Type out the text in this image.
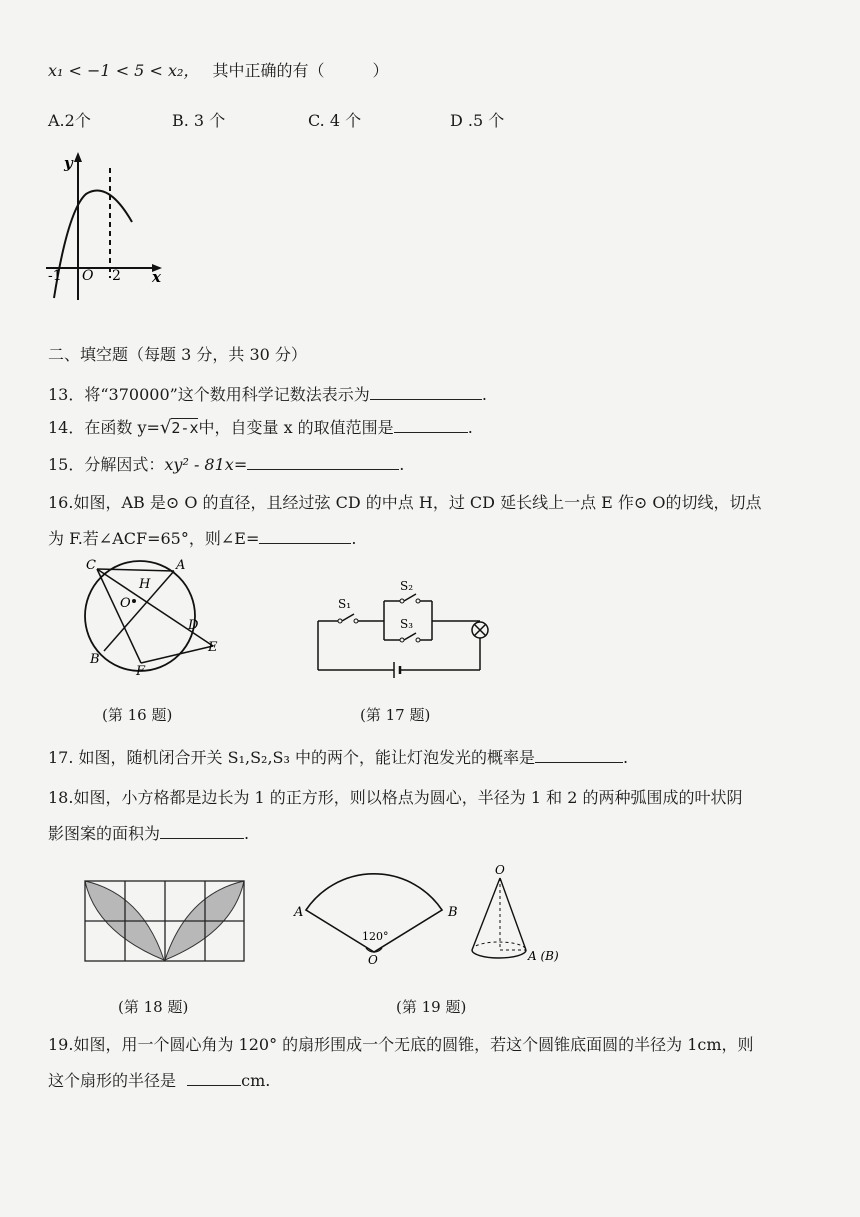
x₁ < −1 < 5 < x₂， 其中正确的有（　　　）
A.2个	B. 3 个	C. 4 个	D .5 个
y
x
-1 O 2
二、填空题（每题 3 分，共 30 分）
13．将“370000”这个数用科学记数法表示为	.
14．在函数 y=√2-x中，自变量 x 的取值范围是	.
15．分解因式：xy² - 81x=	.
16.如图，AB 是⊙ O 的直径，且经过弦 CD 的中点 H，过 CD 延长线上一点 E 作⊙ O的切线，切点
为 F.若∠ACF=65°，则∠E=	.
C	A
H
O
D
E
B
F
S₁
S₂
S₃
(第 16 题)	(第 17 题)
17. 如图，随机闭合开关 S₁,S₂,S₃ 中的两个，能让灯泡发光的概率是	.
18.如图，小方格都是边长为 1 的正方形，则以格点为圆心，半径为 1 和 2 的两种弧围成的叶状阴
影图案的面积为	.
A	B
O
120°
O
A (B)
(第 18 题)	(第 19 题)
19.如图，用一个圆心角为 120° 的扇形围成一个无底的圆锥，若这个圆锥底面圆的半径为 1cm，则
这个扇形的半径是	cm.
